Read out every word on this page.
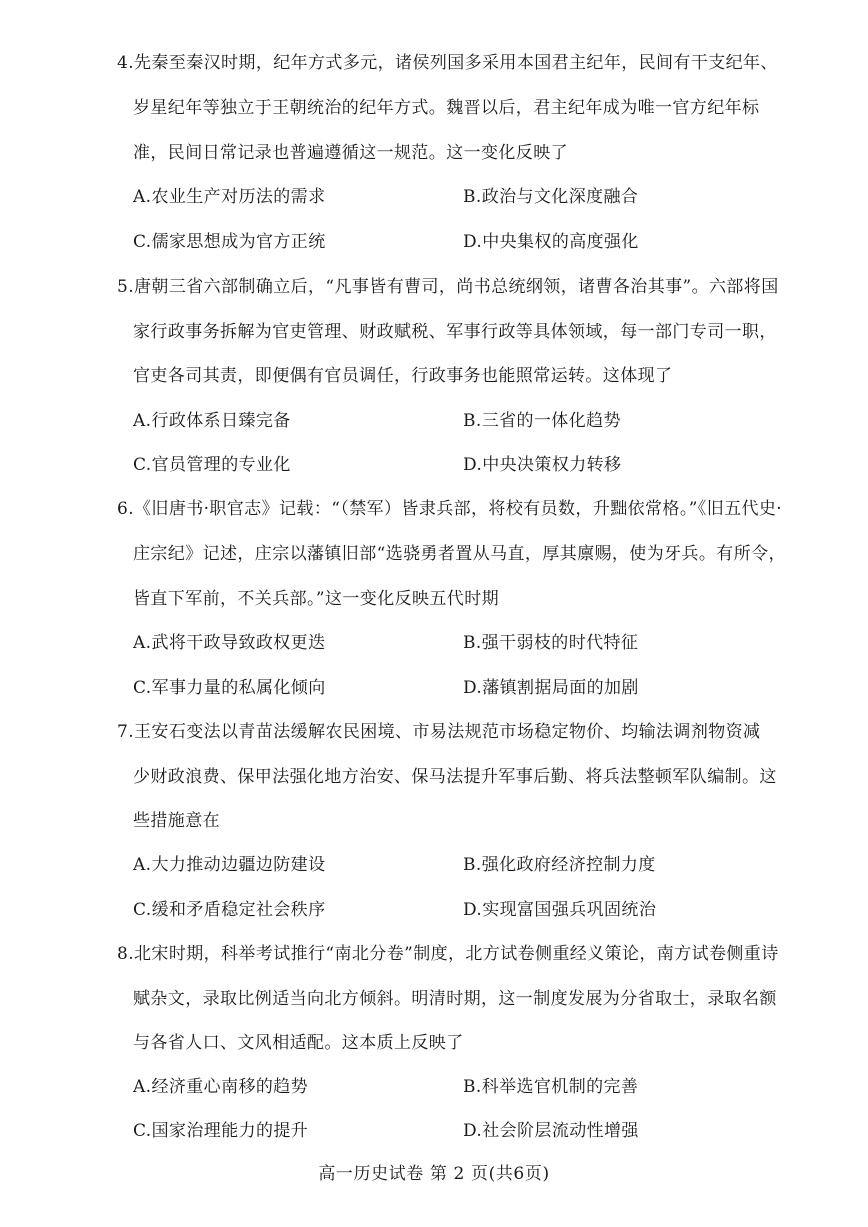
4.先秦至秦汉时期，纪年方式多元，诸侯列国多采用本国君主纪年，民间有干支纪年、
岁星纪年等独立于王朝统治的纪年方式。魏晋以后，君主纪年成为唯一官方纪年标
准，民间日常记录也普遍遵循这一规范。这一变化反映了
A.农业生产对历法的需求	B.政治与文化深度融合
C.儒家思想成为官方正统	D.中央集权的高度强化
5.唐朝三省六部制确立后，“凡事皆有曹司，尚书总统纲领，诸曹各治其事”。六部将国
家行政事务拆解为官吏管理、财政赋税、军事行政等具体领域，每一部门专司一职，
官吏各司其责，即便偶有官员调任，行政事务也能照常运转。这体现了
A.行政体系日臻完备	B.三省的一体化趋势
C.官员管理的专业化	D.中央决策权力转移
6.《旧唐书·职官志》记载：“（禁军）皆隶兵部，将校有员数，升黜依常格。”《旧五代史·
庄宗纪》记述，庄宗以藩镇旧部“选骁勇者置从马直，厚其廪赐，使为牙兵。有所令，
皆直下军前，不关兵部。”这一变化反映五代时期
A.武将干政导致政权更迭	B.强干弱枝的时代特征
C.军事力量的私属化倾向	D.藩镇割据局面的加剧
7.王安石变法以青苗法缓解农民困境、市易法规范市场稳定物价、均输法调剂物资减
少财政浪费、保甲法强化地方治安、保马法提升军事后勤、将兵法整顿军队编制。这
些措施意在
A.大力推动边疆边防建设	B.强化政府经济控制力度
C.缓和矛盾稳定社会秩序	D.实现富国强兵巩固统治
8.北宋时期，科举考试推行“南北分卷”制度，北方试卷侧重经义策论，南方试卷侧重诗
赋杂文，录取比例适当向北方倾斜。明清时期，这一制度发展为分省取士，录取名额
与各省人口、文风相适配。这本质上反映了
A.经济重心南移的趋势	B.科举选官机制的完善
C.国家治理能力的提升	D.社会阶层流动性增强
高一历史试卷 第 2 页(共6页)
